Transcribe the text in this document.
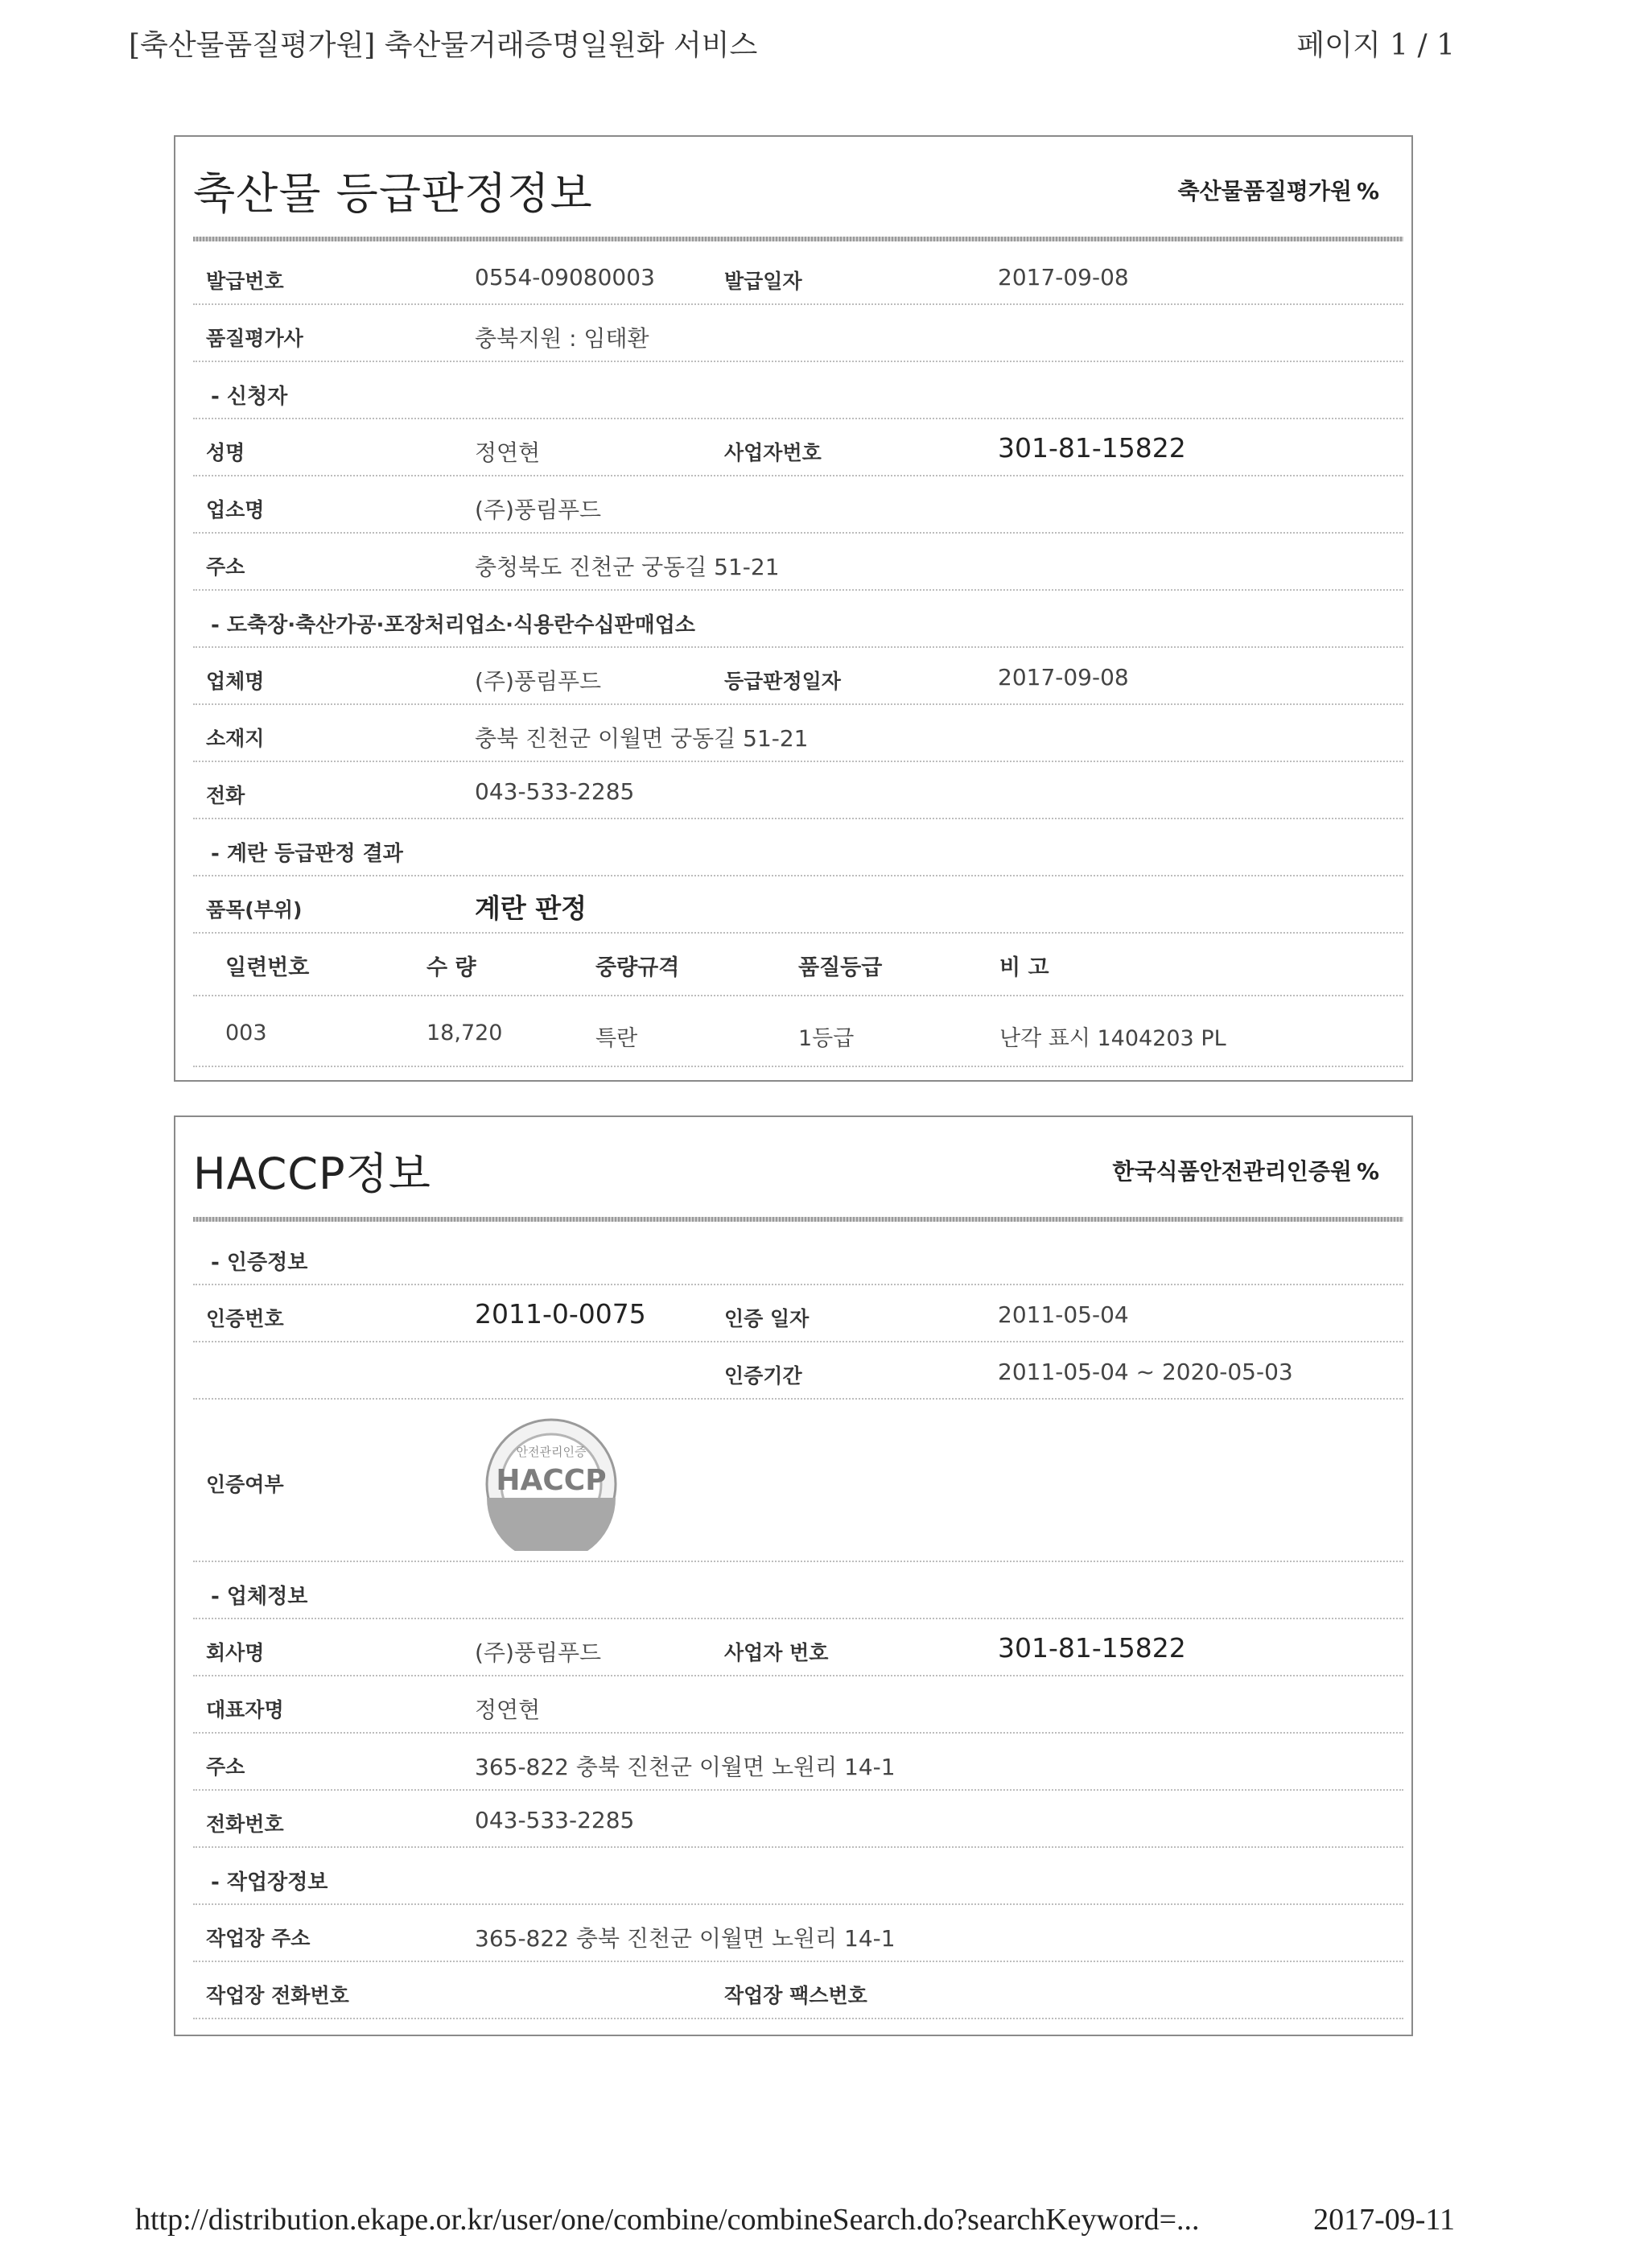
[축산물품질평가원] 축산물거래증명일원화 서비스	페이지 1 / 1
축산물 등급판정정보	축산물품질평가원 %
발급번호	0554-09080003	발급일자	2017-09-08
품질평가사	충북지원 : 임태환
- 신청자
성명	정연현	사업자번호	301-81-15822
업소명	(주)풍림푸드
주소	충청북도 진천군 궁동길 51-21
- 도축장·축산가공·포장처리업소·식용란수십판매업소
업체명	(주)풍림푸드	등급판정일자	2017-09-08
소재지	충북 진천군 이월면 궁동길 51-21
전화	043-533-2285
- 계란 등급판정 결과
품목(부위)	계란 판정
일련번호	수 량	중량규격	품질등급	비 고
003	18,720	특란	1등급	난각 표시 1404203 PL
HACCP정보	한국식품안전관리인증원 %
- 인증정보
인증번호	2011-0-0075	인증 일자	2011-05-04
인증기간	2011-05-04 ~ 2020-05-03
인증여부
안전관리인증
HACCP
- 업체정보
회사명	(주)풍림푸드	사업자 번호	301-81-15822
대표자명	정연현
주소	365-822 충북 진천군 이월면 노원리 14-1
전화번호	043-533-2285
- 작업장정보
작업장 주소	365-822 충북 진천군 이월면 노원리 14-1
작업장 전화번호	작업장 팩스번호
http://distribution.ekape.or.kr/user/one/combine/combineSearch.do?searchKeyword=...	2017-09-11
